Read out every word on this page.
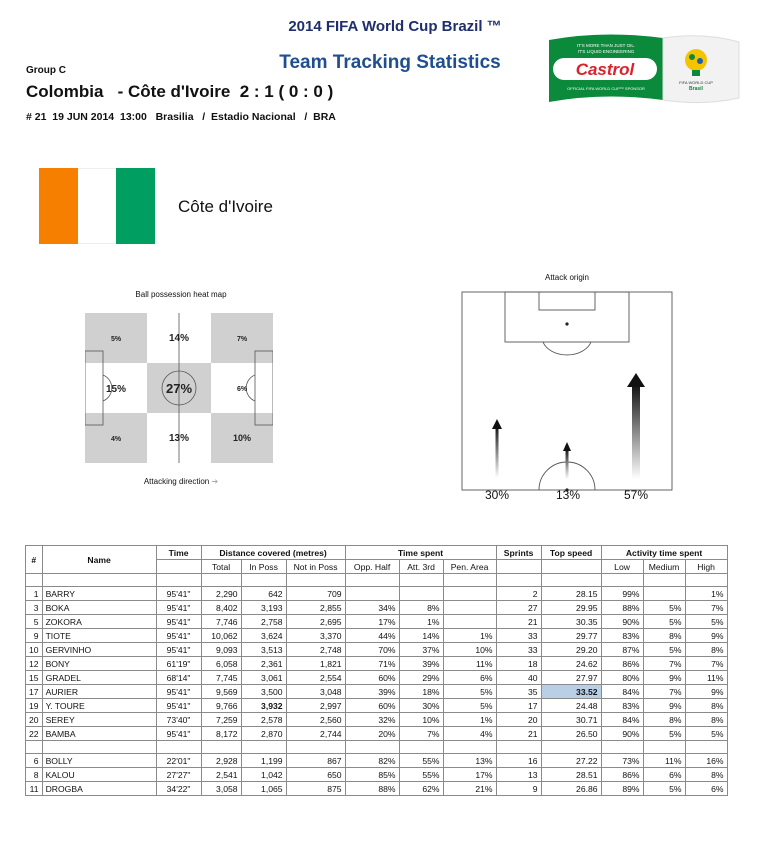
2014 FIFA World Cup Brazil ™
Team Tracking Statistics
Group C
Colombia   - Côte d'Ivoire  2 : 1 ( 0 : 0 )
# 21  19 JUN 2014  13:00   Brasilia   /  Estadio Nacional   /  BRA
IT'S MORE THAN JUST OIL.
IT'S LIQUID ENGINEERING
Castrol
OFFICIAL FIFA WORLD CUP™ SPONSOR
FIFA WORLD CUP
Brasil
Côte d'Ivoire
Ball possession heat map
5%	14%	7%
15%	27%	6%
4%	13%	10%
Attacking direction ➔
Attack origin
30%	13%	57%
#	Name	Time	Distance covered (metres)			Time spent			Sprints	Top speed	Activity time spent		
			Total	In Poss	Not in Poss	Opp. Half	Att. 3rd	Pen. Area			Low	Medium	High

1	BARRY	95'41"	2,290	642	709				2	28.15	99%		1%
3	BOKA	95'41"	8,402	3,193	2,855	34%	8%		27	29.95	88%	5%	7%
5	ZOKORA	95'41"	7,746	2,758	2,695	17%	1%		21	30.35	90%	5%	5%
9	TIOTE	95'41"	10,062	3,624	3,370	44%	14%	1%	33	29.77	83%	8%	9%
10	GERVINHO	95'41"	9,093	3,513	2,748	70%	37%	10%	33	29.20	87%	5%	8%
12	BONY	61'19"	6,058	2,361	1,821	71%	39%	11%	18	24.62	86%	7%	7%
15	GRADEL	68'14"	7,745	3,061	2,554	60%	29%	6%	40	27.97	80%	9%	11%
17	AURIER	95'41"	9,569	3,500	3,048	39%	18%	5%	35	33.52	84%	7%	9%
19	Y. TOURE	95'41"	9,766	3,932	2,997	60%	30%	5%	17	24.48	83%	9%	8%
20	SEREY	73'40"	7,259	2,578	2,560	32%	10%	1%	20	30.71	84%	8%	8%
22	BAMBA	95'41"	8,172	2,870	2,744	20%	7%	4%	21	26.50	90%	5%	5%

6	BOLLY	22'01"	2,928	1,199	867	82%	55%	13%	16	27.22	73%	11%	16%
8	KALOU	27'27"	2,541	1,042	650	85%	55%	17%	13	28.51	86%	6%	8%
11	DROGBA	34'22"	3,058	1,065	875	88%	62%	21%	9	26.86	89%	5%	6%
